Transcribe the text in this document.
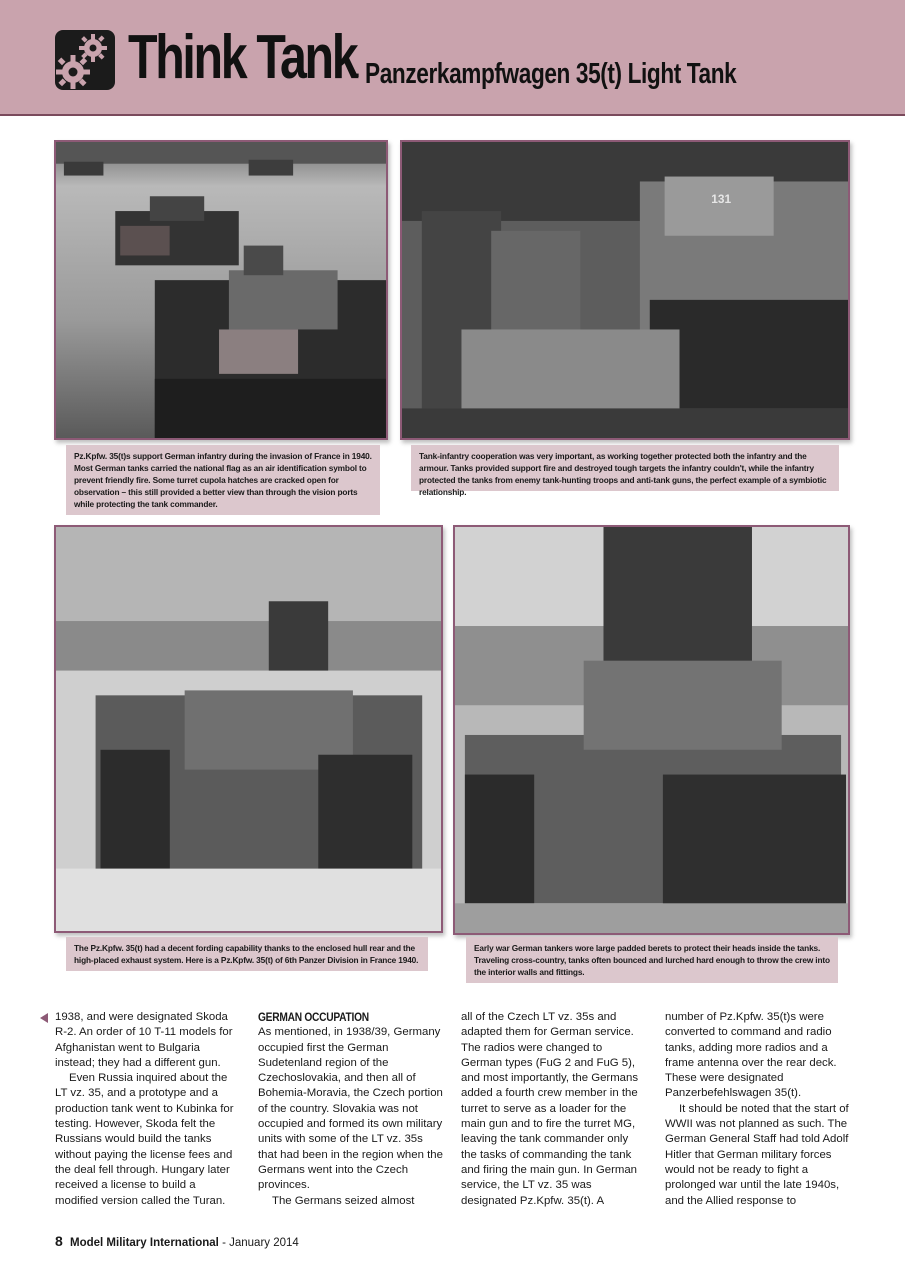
Think Tank
- Panzerkampfwagen 35(t) Light Tank
131
Pz.Kpfw. 35(t)s support German infantry during the invasion of France in 1940. Most German tanks carried the national flag as an air identification symbol to prevent friendly fire. Some turret cupola hatches are cracked open for observation – this still provided a better view than through the vision ports while protecting the tank commander.
Tank-infantry cooperation was very important, as working together protected both the infantry and the armour. Tanks provided support fire and destroyed tough targets the infantry couldn't, while the infantry protected the tanks from enemy tank-hunting troops and anti-tank guns, the perfect example of a symbiotic relationship.
The Pz.Kpfw. 35(t) had a decent fording capability thanks to the enclosed hull rear and the high-placed exhaust system. Here is a Pz.Kpfw. 35(t) of 6th Panzer Division in France 1940.
Early war German tankers wore large padded berets to protect their heads inside the tanks. Traveling cross-country, tanks often bounced and lurched hard enough to throw the crew into the interior walls and fittings.

1938, and were designated Skoda R-2. An order of 10 T-11 models for Afghanistan went to Bulgaria instead; they had a different gun.

Even Russia inquired about the LT vz. 35, and a prototype and a production tank went to Kubinka for testing. However, Skoda felt the Russians would build the tanks without paying the license fees and the deal fell through. Hungary later received a license to build a modified version called the Turan.

GERMAN OCCUPATION

As mentioned, in 1938/39, Germany occupied first the German Sudetenland region of the Czechoslovakia, and then all of Bohemia-Moravia, the Czech portion of the country. Slovakia was not occupied and formed its own military units with some of the LT vz. 35s that had been in the region when the Germans went into the Czech provinces.

The Germans seized almost

all of the Czech LT vz. 35s and adapted them for German service. The radios were changed to German types (FuG 2 and FuG 5), and most importantly, the Germans added a fourth crew member in the turret to serve as a loader for the main gun and to fire the turret MG, leaving the tank commander only the tasks of commanding the tank and firing the main gun. In German service, the LT vz. 35 was designated Pz.Kpfw. 35(t). A

number of Pz.Kpfw. 35(t)s were converted to command and radio tanks, adding more radios and a frame antenna over the rear deck. These were designated Panzerbefehlswagen 35(t).

It should be noted that the start of WWII was not planned as such. The German General Staff had told Adolf Hitler that German military forces would not be ready to fight a prolonged war until the late 1940s, and the Allied response to

8 Model Military International - January 2014
